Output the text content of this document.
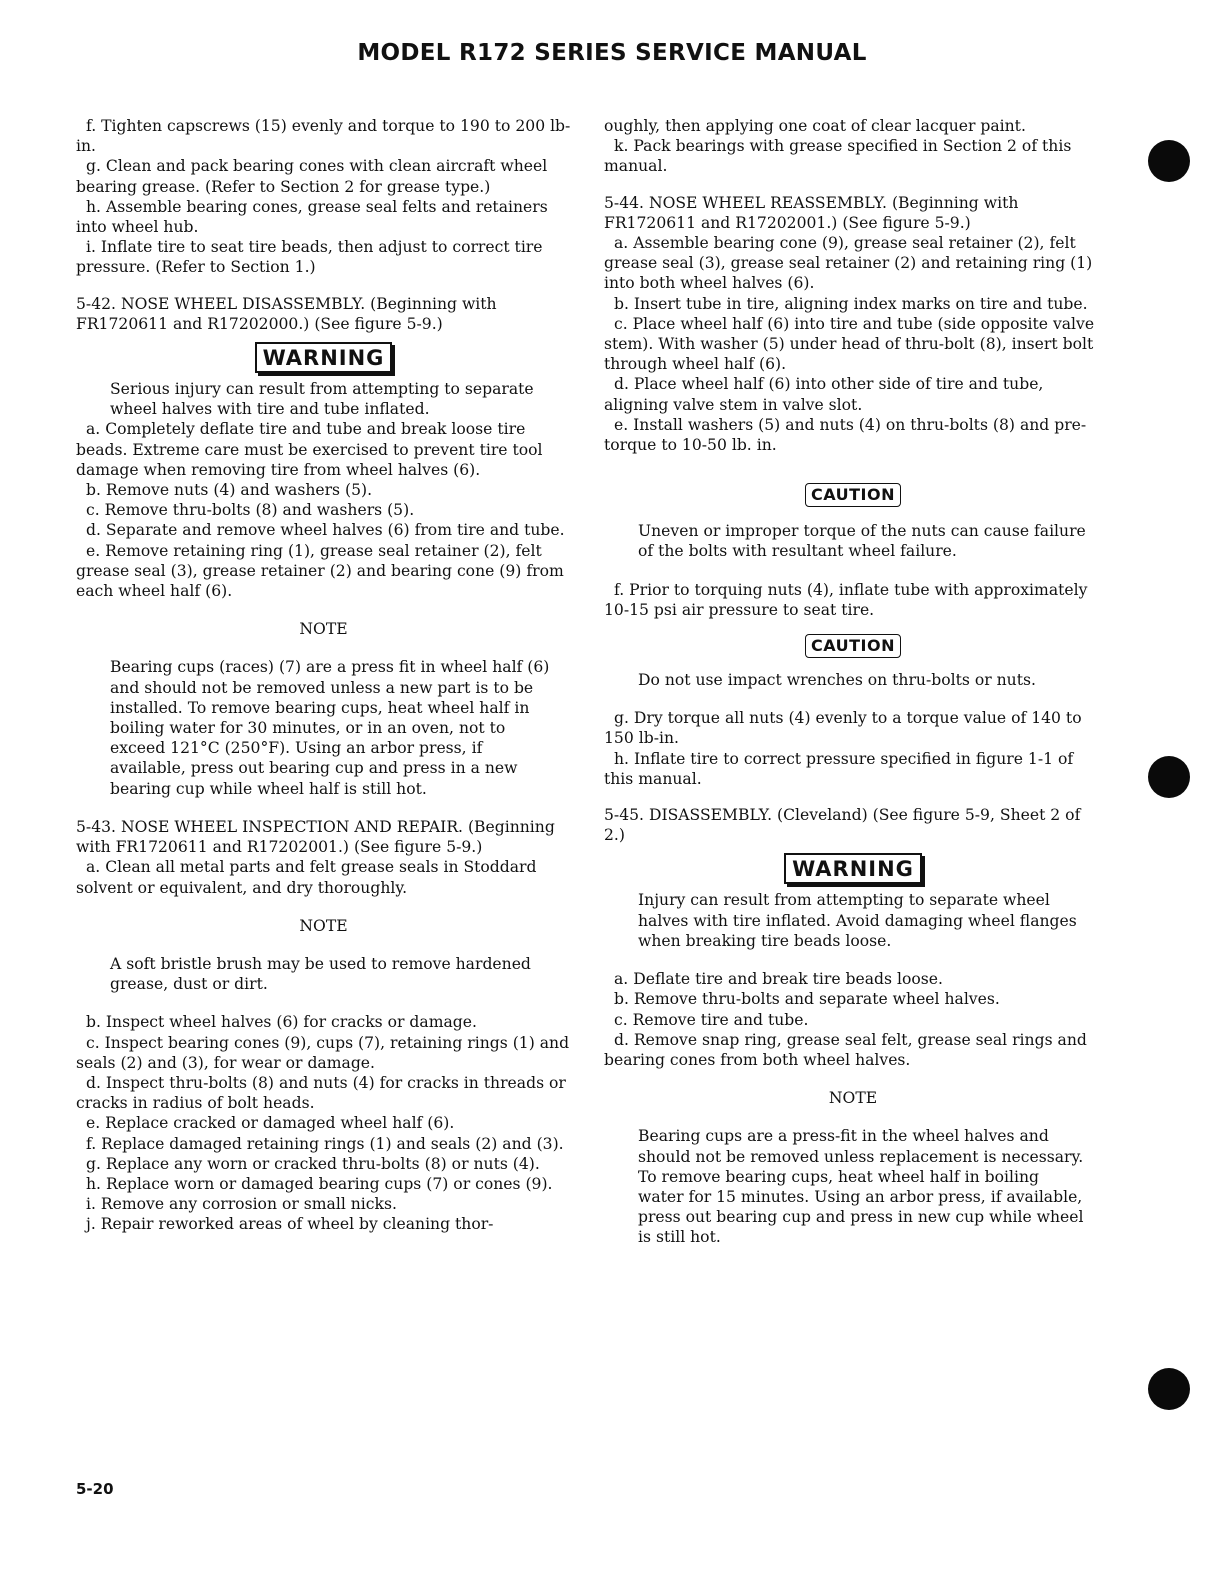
MODEL R172 SERIES SERVICE MANUAL

f. Tighten capscrews (15) evenly and torque to 190 to 200 lb-in.

g. Clean and pack bearing cones with clean aircraft wheel bearing grease. (Refer to Section 2 for grease type.)

h. Assemble bearing cones, grease seal felts and retainers into wheel hub.

i. Inflate tire to seat tire beads, then adjust to correct tire pressure. (Refer to Section 1.)

5-42. NOSE WHEEL DISASSEMBLY. (Beginning with FR1720611 and R17202000.) (See figure 5-9.)

WARNING

Serious injury can result from attempting to separate wheel halves with tire and tube inflated.

a. Completely deflate tire and tube and break loose tire beads. Extreme care must be exercised to prevent tire tool damage when removing tire from wheel halves (6).

b. Remove nuts (4) and washers (5).

c. Remove thru-bolts (8) and washers (5).

d. Separate and remove wheel halves (6) from tire and tube.

e. Remove retaining ring (1), grease seal retainer (2), felt grease seal (3), grease retainer (2) and bearing cone (9) from each wheel half (6).

NOTE

Bearing cups (races) (7) are a press fit in wheel half (6) and should not be removed unless a new part is to be installed. To remove bearing cups, heat wheel half in boiling water for 30 minutes, or in an oven, not to exceed 121°C (250°F). Using an arbor press, if available, press out bearing cup and press in a new bearing cup while wheel half is still hot.

5-43. NOSE WHEEL INSPECTION AND REPAIR. (Beginning with FR1720611 and R17202001.) (See figure 5-9.)

a. Clean all metal parts and felt grease seals in Stoddard solvent or equivalent, and dry thoroughly.

NOTE

A soft bristle brush may be used to remove hardened grease, dust or dirt.

b. Inspect wheel halves (6) for cracks or damage.

c. Inspect bearing cones (9), cups (7), retaining rings (1) and seals (2) and (3), for wear or damage.

d. Inspect thru-bolts (8) and nuts (4) for cracks in threads or cracks in radius of bolt heads.

e. Replace cracked or damaged wheel half (6).

f. Replace damaged retaining rings (1) and seals (2) and (3).

g. Replace any worn or cracked thru-bolts (8) or nuts (4).

h. Replace worn or damaged bearing cups (7) or cones (9).

i. Remove any corrosion or small nicks.

j. Repair reworked areas of wheel by cleaning thor-

oughly, then applying one coat of clear lacquer paint.

k. Pack bearings with grease specified in Section 2 of this manual.

5-44. NOSE WHEEL REASSEMBLY. (Beginning with FR1720611 and R17202001.) (See figure 5-9.)

a. Assemble bearing cone (9), grease seal retainer (2), felt grease seal (3), grease seal retainer (2) and retaining ring (1) into both wheel halves (6).

b. Insert tube in tire, aligning index marks on tire and tube.

c. Place wheel half (6) into tire and tube (side opposite valve stem). With washer (5) under head of thru-bolt (8), insert bolt through wheel half (6).

d. Place wheel half (6) into other side of tire and tube, aligning valve stem in valve slot.

e. Install washers (5) and nuts (4) on thru-bolts (8) and pre-torque to 10-50 lb. in.

CAUTION

Uneven or improper torque of the nuts can cause failure of the bolts with resultant wheel failure.

f. Prior to torquing nuts (4), inflate tube with approximately 10-15 psi air pressure to seat tire.

CAUTION

Do not use impact wrenches on thru-bolts or nuts.

g. Dry torque all nuts (4) evenly to a torque value of 140 to 150 lb-in.

h. Inflate tire to correct pressure specified in figure 1-1 of this manual.

5-45. DISASSEMBLY. (Cleveland) (See figure 5-9, Sheet 2 of 2.)

WARNING

Injury can result from attempting to separate wheel halves with tire inflated. Avoid damaging wheel flanges when breaking tire beads loose.

a. Deflate tire and break tire beads loose.

b. Remove thru-bolts and separate wheel halves.

c. Remove tire and tube.

d. Remove snap ring, grease seal felt, grease seal rings and bearing cones from both wheel halves.

NOTE

Bearing cups are a press-fit in the wheel halves and should not be removed unless replacement is necessary. To remove bearing cups, heat wheel half in boiling water for 15 minutes. Using an arbor press, if available, press out bearing cup and press in new cup while wheel is still hot.

5-20
